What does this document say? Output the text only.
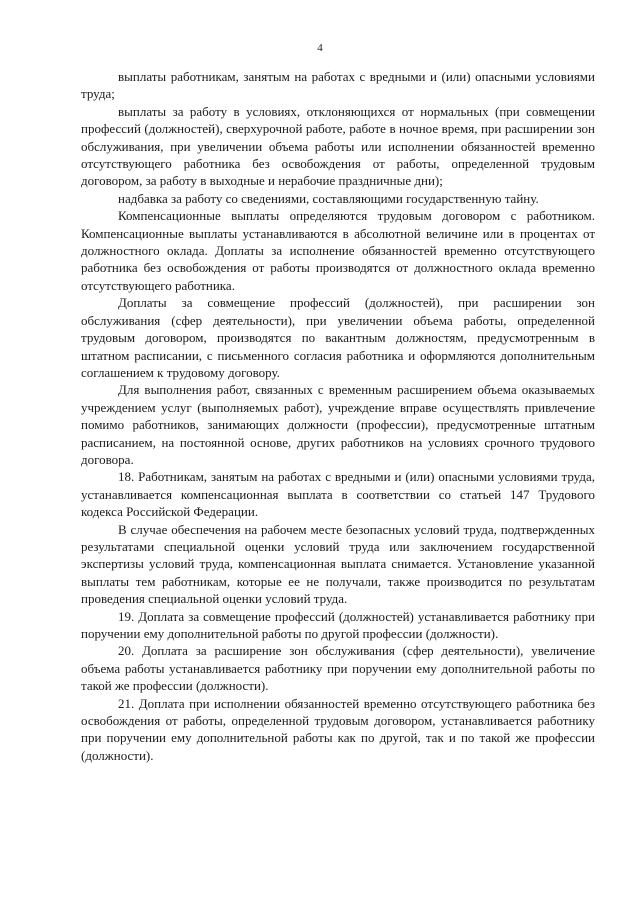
4

выплаты работникам, занятым на работах с вредными и (или) опасными условиями труда;

выплаты за работу в условиях, отклоняющихся от нормальных (при совмещении профессий (должностей), сверхурочной работе, работе в ночное время, при расширении зон обслуживания, при увеличении объема работы или исполнении обязанностей временно отсутствующего работника без освобождения от работы, определенной трудовым договором, за работу в выходные и нерабочие праздничные дни);

надбавка за работу со сведениями, составляющими государственную тайну.

Компенсационные выплаты определяются трудовым договором с работником. Компенсационные выплаты устанавливаются в абсолютной величине или в процентах от должностного оклада. Доплаты за исполнение обязанностей временно отсутствующего работника без освобождения от работы производятся от должностного оклада временно отсутствующего работника.

Доплаты за совмещение профессий (должностей), при расширении зон обслуживания (сфер деятельности), при увеличении объема работы, определенной трудовым договором, производятся по вакантным должностям, предусмотренным в штатном расписании, с письменного согласия работника и оформляются дополнительным соглашением к трудовому договору.

Для выполнения работ, связанных с временным расширением объема оказываемых учреждением услуг (выполняемых работ), учреждение вправе осуществлять привлечение помимо работников, занимающих должности (профессии), предусмотренные штатным расписанием, на постоянной основе, других работников на условиях срочного трудового договора.

18. Работникам, занятым на работах с вредными и (или) опасными условиями труда, устанавливается компенсационная выплата в соответствии со статьей 147 Трудового кодекса Российской Федерации.

В случае обеспечения на рабочем месте безопасных условий труда, подтвержденных результатами специальной оценки условий труда или заключением государственной экспертизы условий труда, компенсационная выплата снимается. Установление указанной выплаты тем работникам, которые ее не получали, также производится по результатам проведения специальной оценки условий труда.

19. Доплата за совмещение профессий (должностей) устанавливается работнику при поручении ему дополнительной работы по другой профессии (должности).

20. Доплата за расширение зон обслуживания (сфер деятельности), увеличение объема работы устанавливается работнику при поручении ему дополнительной работы по такой же профессии (должности).

21. Доплата при исполнении обязанностей временно отсутствующего работника без освобождения от работы, определенной трудовым договором, устанавливается работнику при поручении ему дополнительной работы как по другой, так и по такой же профессии (должности).
